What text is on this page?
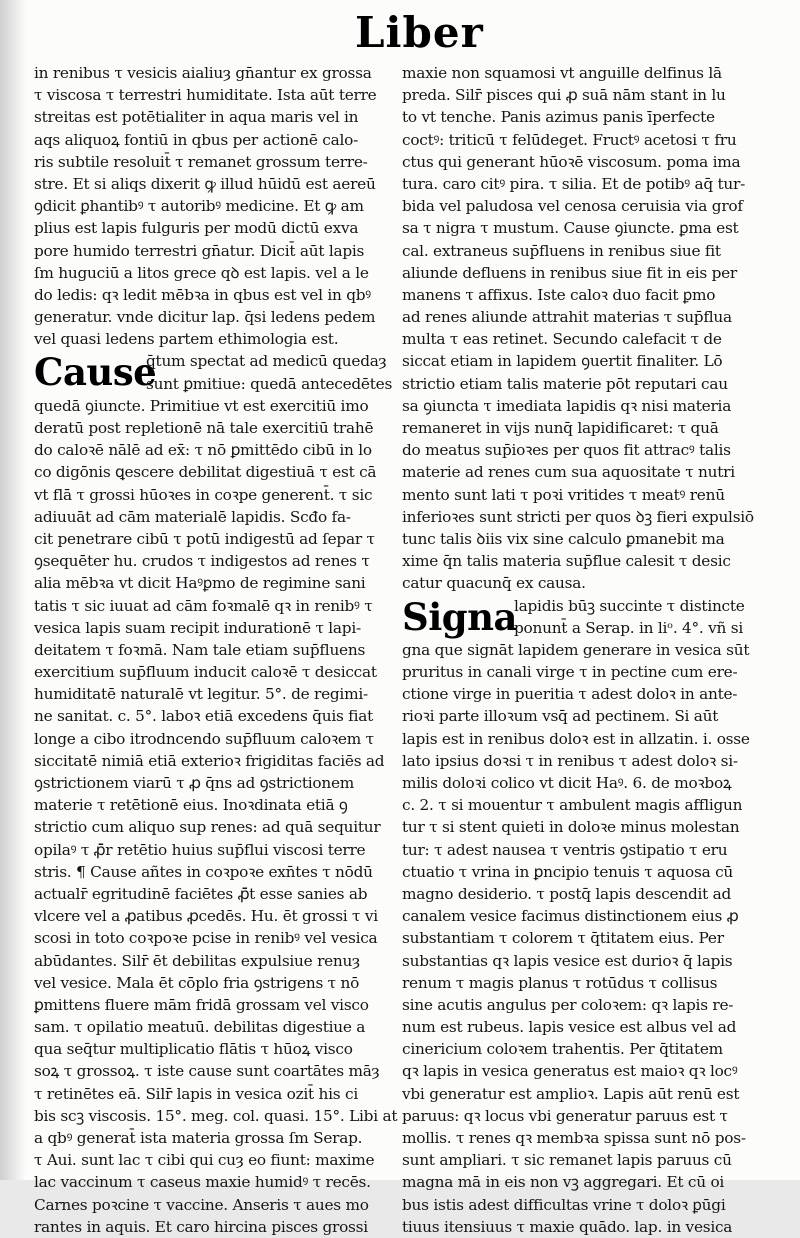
Liber
in renibus τ vesicis aialiuȝ gn̄antur ex grossa
τ viscosa τ terrestri humiditate. Ista aūt terre
streitas est potētialiter in aqua maris vel in
aqs aliquoꝝ fontiū in qbus per actionē calo-
ris subtile resoluit̄ τ remanet grossum terre-
stre. Et si aliqs dixerit ꝙ illud hūidū est aereū
ꝯdicit ꝑhantibꝰ τ autoribꝰ medicine. Et ꝙ am
plius est lapis fulguris per modū dictū exva
pore humido terrestri gn̄atur. Dicit̄ aūt lapis
ſm huguciū a litos grece qꝺ est lapis. vel a le
do ledis: qꝛ ledit mēbꝛa in qbus est vel in qbꝰ
generatur. vnde dicitur lap. q̄si ledens pedem
vel quasi ledens partem ethimologia est.
Cause
q̄tum spectat ad medicū quedaȝ
sunt ꝑmitiue: quedā antecedētes
quedā ꝯiuncte. Primitiue vt est exercitiū imo
deratū post repletionē nā tale exercitiū trahē
do caloꝛē nālē ad ex̄: τ nō ꝑmittēdo cibū in lo
co digōnis ꝗescere debilitat digestiuā τ est cā
vt flā τ grossi hūoꝛes in coꝛpe generent̄. τ sic
adiuuāt ad cām materialē lapidis. Scđo fa-
cit penetrare cibū τ potū indigestū ad ſepar τ
ꝯsequēter hu. crudos τ indigestos ad renes τ
alia mēbꝛa vt dicit Haꝰꝑmo de regimine sani
tatis τ sic iuuat ad cām foꝛmalē qꝛ in renibꝰ τ
vesica lapis suam recipit indurationē τ lapi-
deitatem τ foꝛmā. Nam tale etiam sup̄fluens
exercitium sup̄fluum inducit caloꝛē τ desiccat
humiditatē naturalē vt legitur. 5°. de regimi-
ne sanitat. c. 5°. laboꝛ etiā excedens q̄uis fiat
longe a cibo itrodncendo sup̄fluum caloꝛem τ
siccitatē nimiā etiā exterioꝛ frigiditas faciēs ad
ꝯstrictionem viarū τ ꝓ q̄ns ad ꝯstrictionem
materie τ retētionē eius. Inoꝛdinata etiā ꝯ
strictio cum aliquo sup renes: ad quā sequitur
opilaꝰ τ ꝓ̄r retētio huius sup̄flui viscosi terre
stris. ¶ Cause añtes in coꝛpoꝛe exn̄tes τ nōdū
actualr̄ egritudinē faciētes ꝓ̄t esse sanies ab
vlcere vel a ꝓatibus ꝓcedēs. Hu. ēt grossi τ vi
scosi in toto coꝛpoꝛe pcise in renibꝰ vel vesica
abūdantes. Silr̄ ēt debilitas expulsiue renuȝ
vel vesice. Mala ēt cōplo fria ꝯstrigens τ nō
ꝑmittens fluere mām fridā grossam vel visco
sam. τ opilatio meatuū. debilitas digestiue a
qua seq̄tur multiplicatio flātis τ hūoꝝ visco
soꝝ τ grossoꝝ. τ iste cause sunt coartātes māȝ
τ retinētes eā. Silr̄ lapis in vesica ozit̄ his ci
bis scꝫ viscosis. 15°. meg. col. quasi. 15°. Libi at
a qbꝰ generat̄ ista materia grossa ſm Serap.
τ Aui. sunt lac τ cibi qui cuȝ eo fiunt: maxime
lac vaccinum τ caseus maxie humidꝰ τ recēs.
Carnes poꝛcine τ vaccine. Anseris τ aues mo
rantes in aquis. Et caro hircina pisces grossi
maxie non squamosi vt anguille delfinus lā
preda. Silr̄ pisces qui ꝓ suā nām stant in lu
to vt tenche. Panis azimus panis īperfecte
coctꝰ: triticū τ felūdeget. Fructꝰ acetosi τ fru
ctus qui generant hūoꝛē viscosum. poma ima
tura. caro citꝰ pira. τ silia. Et de potibꝰ aq̄ tur-
bida vel paludosa vel cenosa ceruisia via grof
sa τ nigra τ mustum. Cause ꝯiuncte. ꝑma est
cal. extraneus sup̄fluens in renibus siue fit
aliunde defluens in renibus siue fit in eis per
manens τ affixus. Iste caloꝛ duo facit ꝑmo
ad renes aliunde attrahit materias τ sup̄flua
multa τ eas retinet. Secundo calefacit τ de
siccat etiam in lapidem ꝯuertit finaliter. Lō
strictio etiam talis materie pōt reputari cau
sa ꝯiuncta τ imediata lapidis qꝛ nisi materia
remaneret in vijs nunq̄ lapidificaret: τ quā
do meatus sup̄ioꝛes per quos fit attracꝰ talis
materie ad renes cum sua aquositate τ nutri
mento sunt lati τ poꝛi vritides τ meatꝰ renū
inferioꝛes sunt stricti per quos ꝺꝫ fieri expulsiō
tunc talis ꝺiis vix sine calculo ꝑmanebit ma
xime q̄n talis materia sup̄flue calesit τ desic
catur quacunq̄ ex causa.
Signa
lapidis būꝫ succinte τ distincte
ponunt̄ a Serap. in liᵒ. 4°. vñ si
gna que signāt lapidem generare in vesica sūt
pruritus in canali virge τ in pectine cum ere-
ctione virge in pueritia τ adest doloꝛ in ante-
rioꝛi parte illoꝛum vsq̄ ad pectinem. Si aūt
lapis est in renibus doloꝛ est in allzatin. i. osse
lato ipsius doꝛsi τ in renibus τ adest doloꝛ si-
milis doloꝛi colico vt dicit Haꝰ. 6. de moꝛboꝝ
c. 2. τ si mouentur τ ambulent magis affligun
tur τ si stent quieti in doloꝛe minus molestan
tur: τ adest nausea τ ventris ꝯstipatio τ eru
ctuatio τ vrina in ꝑncipio tenuis τ aquosa cū
magno desiderio. τ postq̄ lapis descendit ad
canalem vesice facimus distinctionem eius ꝓ
substantiam τ colorem τ q̄titatem eius. Per
substantias qꝛ lapis vesice est durioꝛ q̄ lapis
renum τ magis planus τ rotūdus τ collisus
sine acutis angulus per coloꝛem: qꝛ lapis re-
num est rubeus. lapis vesice est albus vel ad
cinericium coloꝛem trahentis. Per q̄titatem
qꝛ lapis in vesica generatus est maioꝛ qꝛ locꝰ
vbi generatur est amplioꝛ. Lapis aūt renū est
paruus: qꝛ locus vbi generatur paruus est τ
mollis. τ renes qꝛ membꝛa spissa sunt nō pos-
sunt ampliari. τ sic remanet lapis paruus cū
magna mā in eis non vꝫ aggregari. Et cū oi
bus istis adest difficultas vrine τ doloꝛ ꝑūgi
tiuus itensiuus τ maxie quādo. lap. in vesica
